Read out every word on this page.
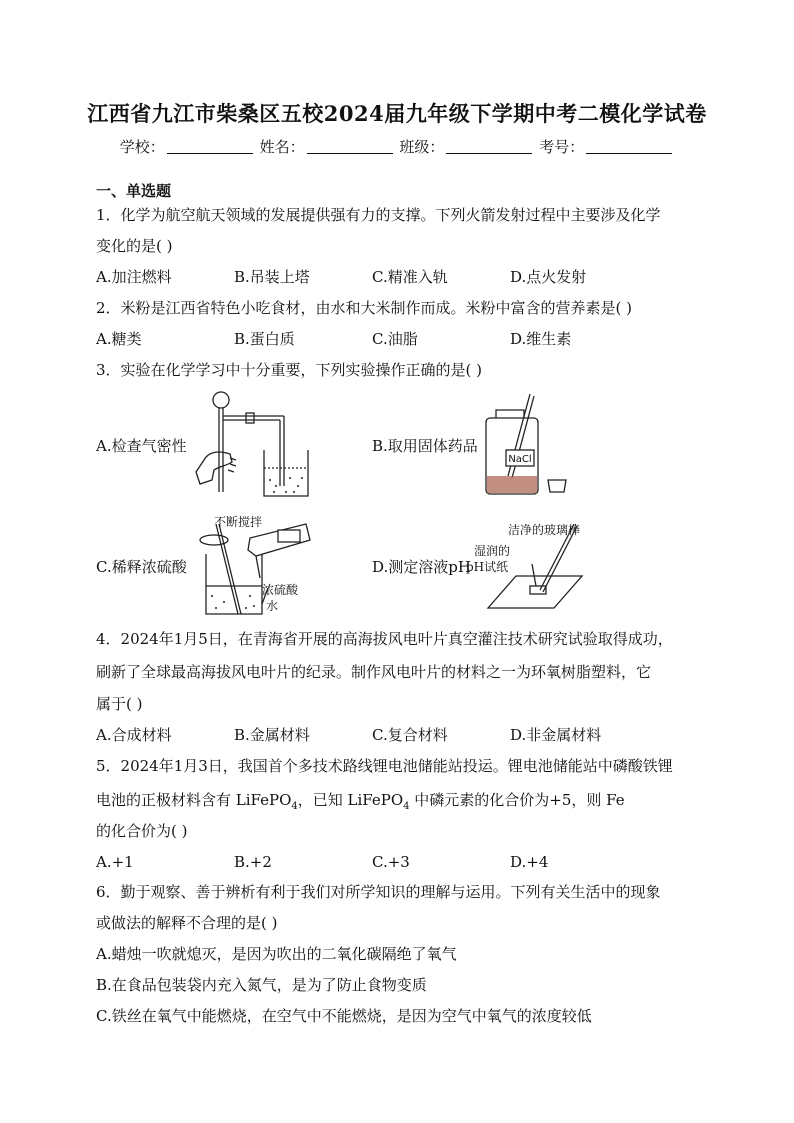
江西省九江市柴桑区五校2024届九年级下学期中考二模化学试卷
学校：	姓名：	班级：	考号：
一、单选题
1．化学为航空航天领域的发展提供强有力的支撑。下列火箭发射过程中主要涉及化学
变化的是( )
A.加注燃料	B.吊装上塔	C.精准入轨	D.点火发射
2．米粉是江西省特色小吃食材，由水和大米制作而成。米粉中富含的营养素是( )
A.糖类	B.蛋白质	C.油脂	D.维生素
3．实验在化学学习中十分重要，下列实验操作正确的是( )
A.检查气密性	B.取用固体药品
C.稀释浓硫酸	D.测定溶液pH
NaCl
不断搅拌
浓硫酸
水
洁净的玻璃棒
湿润的
pH试纸
4．2024年1月5日，在青海省开展的高海拔风电叶片真空灌注技术研究试验取得成功，
刷新了全球最高海拔风电叶片的纪录。制作风电叶片的材料之一为环氧树脂塑料，它
属于( )
A.合成材料	B.金属材料	C.复合材料	D.非金属材料
5．2024年1月3日，我国首个多技术路线锂电池储能站投运。锂电池储能站中磷酸铁锂
电池的正极材料含有 LiFePO$_4$，已知 LiFePO$_4$ 中磷元素的化合价为+5，则 Fe
的化合价为( )
A.+1	B.+2	C.+3	D.+4
6．勤于观察、善于辨析有利于我们对所学知识的理解与运用。下列有关生活中的现象
或做法的解释不合理的是( )
A.蜡烛一吹就熄灭，是因为吹出的二氧化碳隔绝了氧气
B.在食品包装袋内充入氮气，是为了防止食物变质
C.铁丝在氧气中能燃烧，在空气中不能燃烧，是因为空气中氧气的浓度较低
